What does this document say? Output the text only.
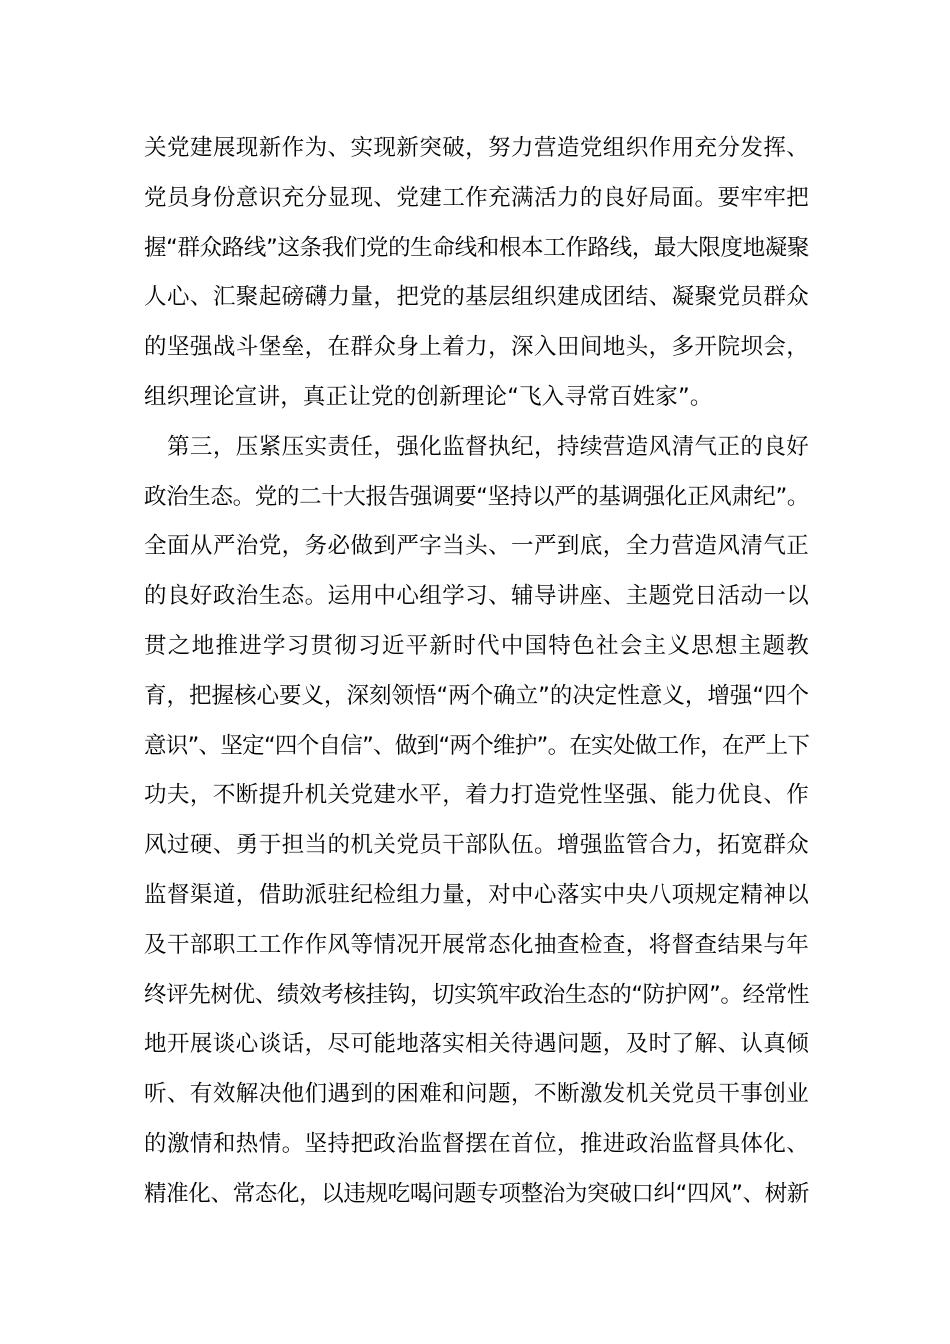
关党建展现新作为、实现新突破，努力营造党组织作用充分发挥、
党员身份意识充分显现、党建工作充满活力的良好局面。要牢牢把
握“群众路线”这条我们党的生命线和根本工作路线，最大限度地凝聚
人心、汇聚起磅礴力量，把党的基层组织建成团结、凝聚党员群众
的坚强战斗堡垒，在群众身上着力，深入田间地头，多开院坝会，
组织理论宣讲，真正让党的创新理论“飞入寻常百姓家”。
　第三，压紧压实责任，强化监督执纪，持续营造风清气正的良好
政治生态。党的二十大报告强调要“坚持以严的基调强化正风肃纪”。
全面从严治党，务必做到严字当头、一严到底，全力营造风清气正
的良好政治生态。运用中心组学习、辅导讲座、主题党日活动一以
贯之地推进学习贯彻习近平新时代中国特色社会主义思想主题教
育，把握核心要义，深刻领悟“两个确立”的决定性意义，增强“四个
意识”、坚定“四个自信”、做到“两个维护”。在实处做工作，在严上下
功夫，不断提升机关党建水平，着力打造党性坚强、能力优良、作
风过硬、勇于担当的机关党员干部队伍。增强监管合力，拓宽群众
监督渠道，借助派驻纪检组力量，对中心落实中央八项规定精神以
及干部职工工作作风等情况开展常态化抽查检查，将督查结果与年
终评先树优、绩效考核挂钩，切实筑牢政治生态的“防护网”。经常性
地开展谈心谈话，尽可能地落实相关待遇问题，及时了解、认真倾
听、有效解决他们遇到的困难和问题，不断激发机关党员干事创业
的激情和热情。坚持把政治监督摆在首位，推进政治监督具体化、
精准化、常态化，以违规吃喝问题专项整治为突破口纠“四风”、树新
